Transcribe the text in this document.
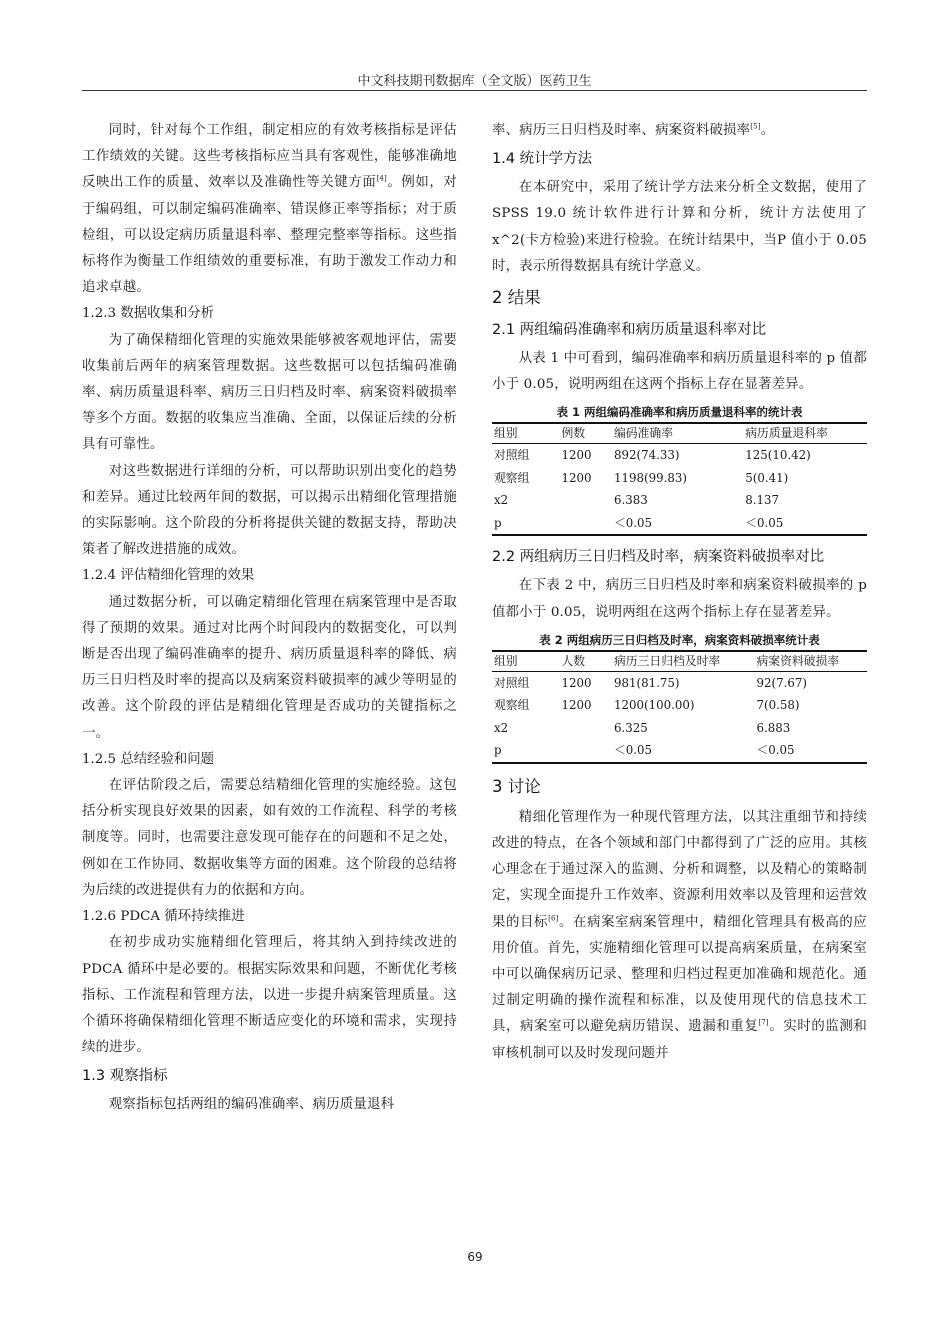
中文科技期刊数据库（全文版）医药卫生

同时，针对每个工作组，制定相应的有效考核指标是评估工作绩效的关键。这些考核指标应当具有客观性，能够准确地反映出工作的质量、效率以及准确性等关键方面[4]。例如，对于编码组，可以制定编码准确率、错误修正率等指标；对于质检组，可以设定病历质量退科率、整理完整率等指标。这些指标将作为衡量工作组绩效的重要标准，有助于激发工作动力和追求卓越。

1.2.3 数据收集和分析

为了确保精细化管理的实施效果能够被客观地评估，需要收集前后两年的病案管理数据。这些数据可以包括编码准确率、病历质量退科率、病历三日归档及时率、病案资料破损率等多个方面。数据的收集应当准确、全面，以保证后续的分析具有可靠性。

对这些数据进行详细的分析，可以帮助识别出变化的趋势和差异。通过比较两年间的数据，可以揭示出精细化管理措施的实际影响。这个阶段的分析将提供关键的数据支持，帮助决策者了解改进措施的成效。

1.2.4 评估精细化管理的效果

通过数据分析，可以确定精细化管理在病案管理中是否取得了预期的效果。通过对比两个时间段内的数据变化，可以判断是否出现了编码准确率的提升、病历质量退科率的降低、病历三日归档及时率的提高以及病案资料破损率的减少等明显的改善。这个阶段的评估是精细化管理是否成功的关键指标之一。

1.2.5 总结经验和问题

在评估阶段之后，需要总结精细化管理的实施经验。这包括分析实现良好效果的因素，如有效的工作流程、科学的考核制度等。同时，也需要注意发现可能存在的问题和不足之处，例如在工作协同、数据收集等方面的困难。这个阶段的总结将为后续的改进提供有力的依据和方向。

1.2.6 PDCA 循环持续推进

在初步成功实施精细化管理后，将其纳入到持续改进的 PDCA 循环中是必要的。根据实际效果和问题，不断优化考核指标、工作流程和管理方法，以进一步提升病案管理质量。这个循环将确保精细化管理不断适应变化的环境和需求，实现持续的进步。

1.3 观察指标

观察指标包括两组的编码准确率、病历质量退科

率、病历三日归档及时率、病案资料破损率[5]。

1.4 统计学方法

在本研究中，采用了统计学方法来分析全文数据，使用了 SPSS 19.0 统计软件进行计算和分析，统计方法使用了 x^2(卡方检验)来进行检验。在统计结果中，当P 值小于 0.05 时，表示所得数据具有统计学意义。

2 结果
2.1 两组编码准确率和病历质量退科率对比

从表 1 中可看到，编码准确率和病历质量退科率的 p 值都小于 0.05，说明两组在这两个指标上存在显著差异。

表 1 两组编码准确率和病历质量退科率的统计表
组别	例数	编码准确率	病历质量退科率
对照组	1200	892(74.33)	125(10.42)
观察组	1200	1198(99.83)	5(0.41)
x2		6.383	8.137
p		＜0.05	＜0.05
2.2 两组病历三日归档及时率，病案资料破损率对比

在下表 2 中，病历三日归档及时率和病案资料破损率的 p 值都小于 0.05，说明两组在这两个指标上存在显著差异。

表 2 两组病历三日归档及时率，病案资料破损率统计表
组别	人数	病历三日归档及时率	病案资料破损率
对照组	1200	981(81.75)	92(7.67)
观察组	1200	1200(100.00)	7(0.58)
x2		6.325	6.883
p		＜0.05	＜0.05
3 讨论

精细化管理作为一种现代管理方法，以其注重细节和持续改进的特点，在各个领域和部门中都得到了广泛的应用。其核心理念在于通过深入的监测、分析和调整，以及精心的策略制定，实现全面提升工作效率、资源利用效率以及管理和运营效果的目标[6]。在病案室病案管理中，精细化管理具有极高的应用价值。首先，实施精细化管理可以提高病案质量，在病案室中可以确保病历记录、整理和归档过程更加准确和规范化。通过制定明确的操作流程和标准，以及使用现代的信息技术工具，病案室可以避免病历错误、遗漏和重复[7]。实时的监测和审核机制可以及时发现问题并

69
